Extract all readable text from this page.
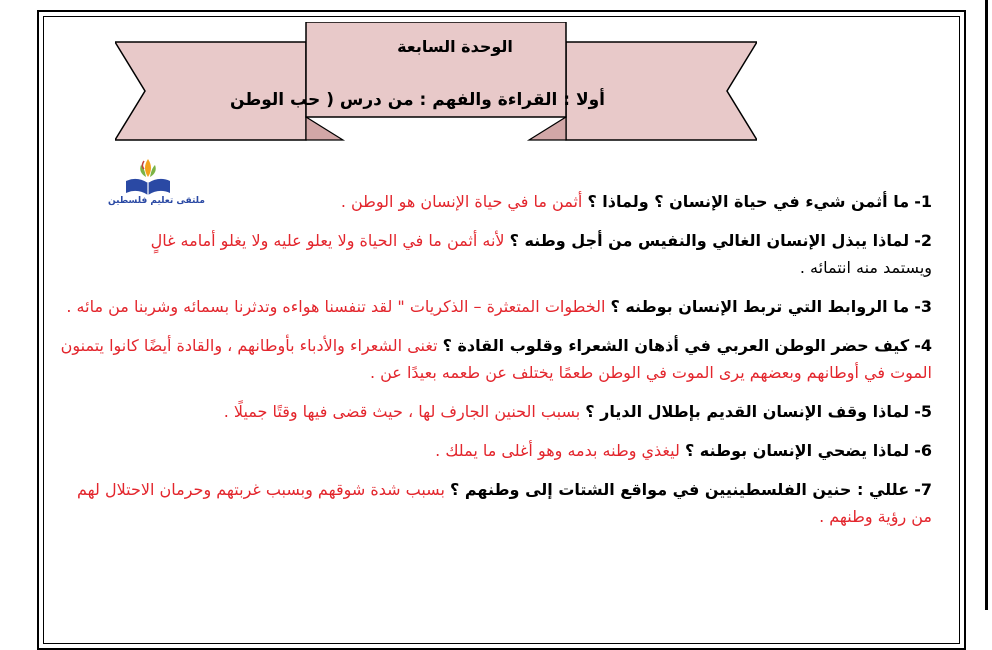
الوحدة السابعة
أولا : القراءة والفهم : من درس ( حب الوطن
ملتقى تعليم فلسطين	1- ما أثمن شيء في حياة الإنسان ؟ ولماذا ؟ أثمن ما في حياة الإنسان هو الوطن .
2- لماذا يبذل الإنسان الغالي والنفيس من أجل وطنه ؟ لأنه أثمن ما في الحياة ولا يعلو عليه ولا يغلو أمامه غالٍ
ويستمد منه انتمائه .
3- ما الروابط التي تربط الإنسان بوطنه ؟ الخطوات المتعثرة – الذكريات " لقد تنفسنا هواءه وتدثرنا بسمائه وشربنا من مائه .
4- كيف حضر الوطن العربي في أذهان الشعراء وقلوب القادة ؟ تغنى الشعراء والأدباء بأوطانهم ، والقادة أيضًا كانوا يتمنون الموت في أوطانهم وبعضهم يرى الموت في الوطن طعمًا يختلف عن طعمه بعيدًا عن .
5- لماذا وقف الإنسان القديم بإطلال الديار ؟ بسبب الحنين الجارف لها ، حيث قضى فيها وقتًا جميلًا .
6- لماذا يضحي الإنسان بوطنه ؟ ليغذي وطنه بدمه وهو أغلى ما يملك .
7- عللي : حنين الفلسطينيين في مواقع الشتات إلى وطنهم ؟ بسبب شدة شوقهم وبسبب غربتهم وحرمان الاحتلال لهم من رؤية وطنهم .
